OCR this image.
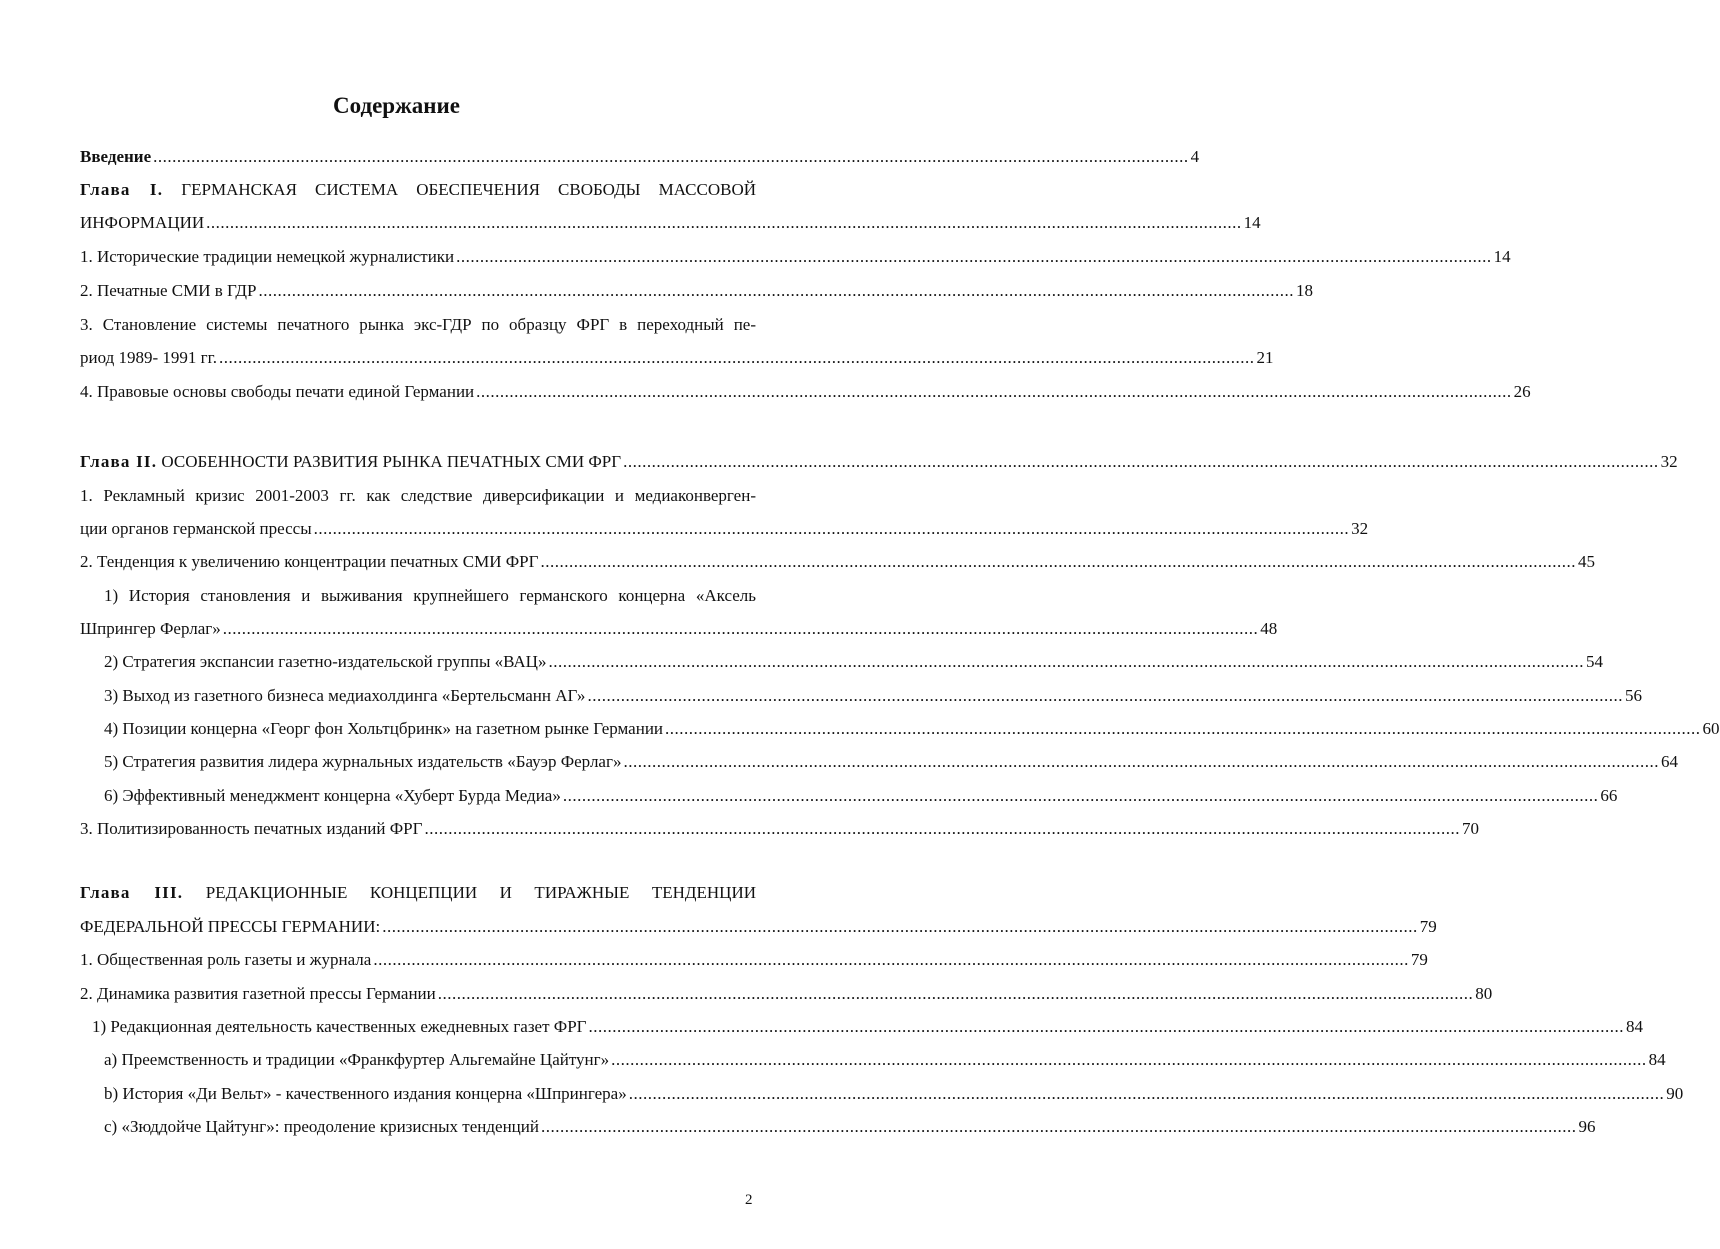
Содержание
Введение .....	4
Глава I. ГЕРМАНСКАЯ СИСТЕМА ОБЕСПЕЧЕНИЯ СВОБОДЫ МАССОВОЙ
ИНФОРМАЦИИ .....	14
1. Исторические традиции немецкой журналистики .....	14
2. Печатные СМИ в ГДР .....	18
3. Становление системы печатного рынка экс-ГДР по образцу ФРГ в переходный пе-
риод 1989- 1991 гг. .....	21
4. Правовые основы свободы печати единой Германии .....	26
Глава II. ОСОБЕННОСТИ РАЗВИТИЯ РЫНКА ПЕЧАТНЫХ СМИ ФРГ .....	32
1. Рекламный кризис 2001-2003 гг. как следствие диверсификации и медиаконверген-
ции органов германской прессы .....	32
2. Тенденция к увеличению концентрации печатных СМИ ФРГ .....	45
1) История становления и выживания крупнейшего германского концерна «Аксель
Шпрингер Ферлаг» .....	48
2) Стратегия экспансии газетно-издательской группы «ВАЦ» .....	54
3) Выход из газетного бизнеса медиахолдинга «Бертельсманн АГ» .....	56
4) Позиции концерна «Георг фон Хольтцбринк» на газетном рынке Германии .....	60
5) Стратегия развития лидера журнальных издательств «Бауэр Ферлаг» .....	64
6) Эффективный менеджмент концерна «Хуберт Бурда Медиа» .....	66
3. Политизированность печатных изданий ФРГ .....	70
Глава III. РЕДАКЦИОННЫЕ КОНЦЕПЦИИ И ТИРАЖНЫЕ ТЕНДЕНЦИИ
ФЕДЕРАЛЬНОЙ ПРЕССЫ ГЕРМАНИИ: .....	79
1. Общественная роль газеты и журнала .....	79
2. Динамика развития газетной прессы Германии .....	80
1) Редакционная деятельность качественных ежедневных газет ФРГ .....	84
a) Преемственность и традиции «Франкфуртер Альгемайне Цайтунг» .....	84
b) История «Ди Вельт» - качественного издания концерна «Шпрингера» .....	90
c) «Зюддойче Цайтунг»: преодоление кризисных тенденций .....	96
2
